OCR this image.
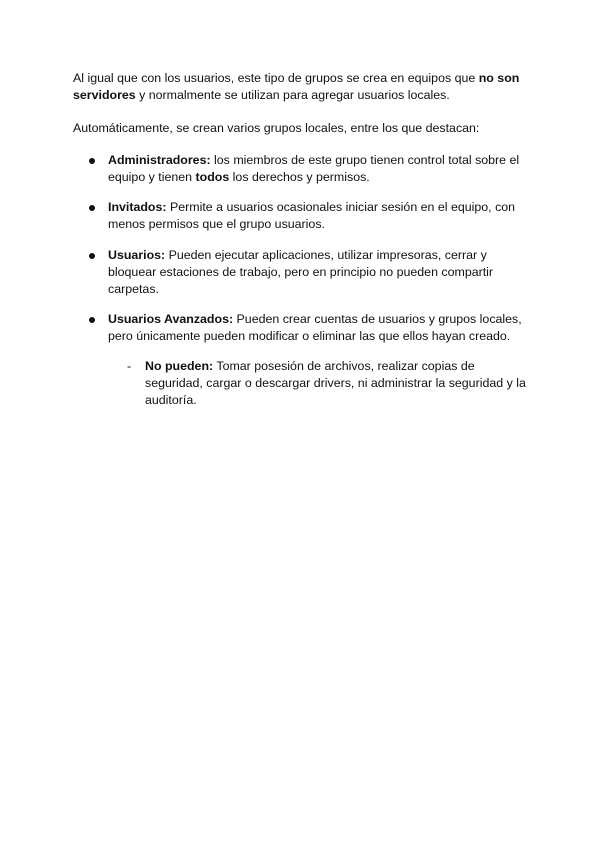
Al igual que con los usuarios, este tipo de grupos se crea en equipos que no son servidores y normalmente se utilizan para agregar usuarios locales.

Automáticamente, se crean varios grupos locales, entre los que destacan:

Administradores: los miembros de este grupo tienen control total sobre el equipo y tienen todos los derechos y permisos.
Invitados: Permite a usuarios ocasionales iniciar sesión en el equipo, con menos permisos que el grupo usuarios.
Usuarios: Pueden ejecutar aplicaciones, utilizar impresoras, cerrar y bloquear estaciones de trabajo, pero en principio no pueden compartir carpetas.
Usuarios Avanzados: Pueden crear cuentas de usuarios y grupos locales, pero únicamente pueden modificar o eliminar las que ellos hayan creado.
- No pueden: Tomar posesión de archivos, realizar copias de seguridad, cargar o descargar drivers, ni administrar la seguridad y la auditoría.
